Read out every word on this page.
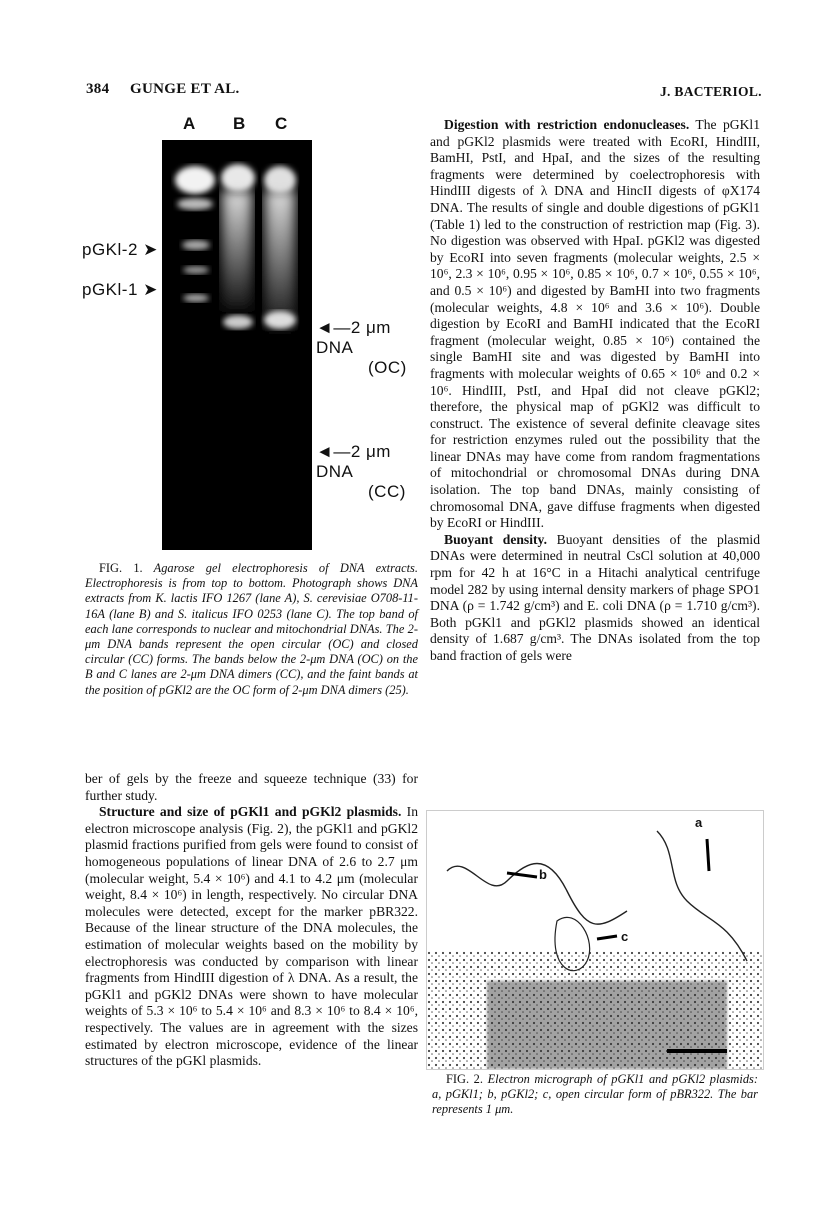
384 GUNGE ET AL.	J. BACTERIOL.
A B C
pGKl-2 ➤
pGKl-1 ➤
◄—2 μm DNA
(OC)
◄—2 μm DNA
(CC)

FIG. 1. Agarose gel electrophoresis of DNA extracts. Electrophoresis is from top to bottom. Photograph shows DNA extracts from K. lactis IFO 1267 (lane A), S. cerevisiae O708-11-16A (lane B) and S. italicus IFO 0253 (lane C). The top band of each lane corresponds to nuclear and mitochondrial DNAs. The 2-μm DNA bands represent the open circular (OC) and closed circular (CC) forms. The bands below the 2-μm DNA (OC) on the B and C lanes are 2-μm DNA dimers (CC), and the faint bands at the position of pGKl2 are the OC form of 2-μm DNA dimers (25).

ber of gels by the freeze and squeeze technique (33) for further study.

Structure and size of pGKl1 and pGKl2 plasmids. In electron microscope analysis (Fig. 2), the pGKl1 and pGKl2 plasmid fractions purified from gels were found to consist of homogeneous populations of linear DNA of 2.6 to 2.7 μm (molecular weight, 5.4 × 10⁶) and 4.1 to 4.2 μm (molecular weight, 8.4 × 10⁶) in length, respectively. No circular DNA molecules were detected, except for the marker pBR322. Because of the linear structure of the DNA molecules, the estimation of molecular weights based on the mobility by electrophoresis was conducted by comparison with linear fragments from HindIII digestion of λ DNA. As a result, the pGKl1 and pGKl2 DNAs were shown to have molecular weights of 5.3 × 10⁶ to 5.4 × 10⁶ and 8.3 × 10⁶ to 8.4 × 10⁶, respectively. The values are in agreement with the sizes estimated by electron microscope, evidence of the linear structures of the pGKl plasmids.

Digestion with restriction endonucleases. The pGKl1 and pGKl2 plasmids were treated with EcoRI, HindIII, BamHI, PstI, and HpaI, and the sizes of the resulting fragments were determined by coelectrophoresis with HindIII digests of λ DNA and HincII digests of φX174 DNA. The results of single and double digestions of pGKl1 (Table 1) led to the construction of restriction map (Fig. 3). No digestion was observed with HpaI. pGKl2 was digested by EcoRI into seven fragments (molecular weights, 2.5 × 10⁶, 2.3 × 10⁶, 0.95 × 10⁶, 0.85 × 10⁶, 0.7 × 10⁶, 0.55 × 10⁶, and 0.5 × 10⁶) and digested by BamHI into two fragments (molecular weights, 4.8 × 10⁶ and 3.6 × 10⁶). Double digestion by EcoRI and BamHI indicated that the EcoRI fragment (molecular weight, 0.85 × 10⁶) contained the single BamHI site and was digested by BamHI into fragments with molecular weights of 0.65 × 10⁶ and 0.2 × 10⁶. HindIII, PstI, and HpaI did not cleave pGKl2; therefore, the physical map of pGKl2 was difficult to construct. The existence of several definite cleavage sites for restriction enzymes ruled out the possibility that the linear DNAs may have come from random fragmentations of mitochondrial or chromosomal DNAs during DNA isolation. The top band DNAs, mainly consisting of chromosomal DNA, gave diffuse fragments when digested by EcoRI or HindIII.

Buoyant density. Buoyant densities of the plasmid DNAs were determined in neutral CsCl solution at 40,000 rpm for 42 h at 16°C in a Hitachi analytical centrifuge model 282 by using internal density markers of phage SPO1 DNA (ρ = 1.742 g/cm³) and E. coli DNA (ρ = 1.710 g/cm³). Both pGKl1 and pGKl2 plasmids showed an identical density of 1.687 g/cm³. The DNAs isolated from the top band fraction of gels were

a
b
c

FIG. 2. Electron micrograph of pGKl1 and pGKl2 plasmids: a, pGKl1; b, pGKl2; c, open circular form of pBR322. The bar represents 1 μm.
